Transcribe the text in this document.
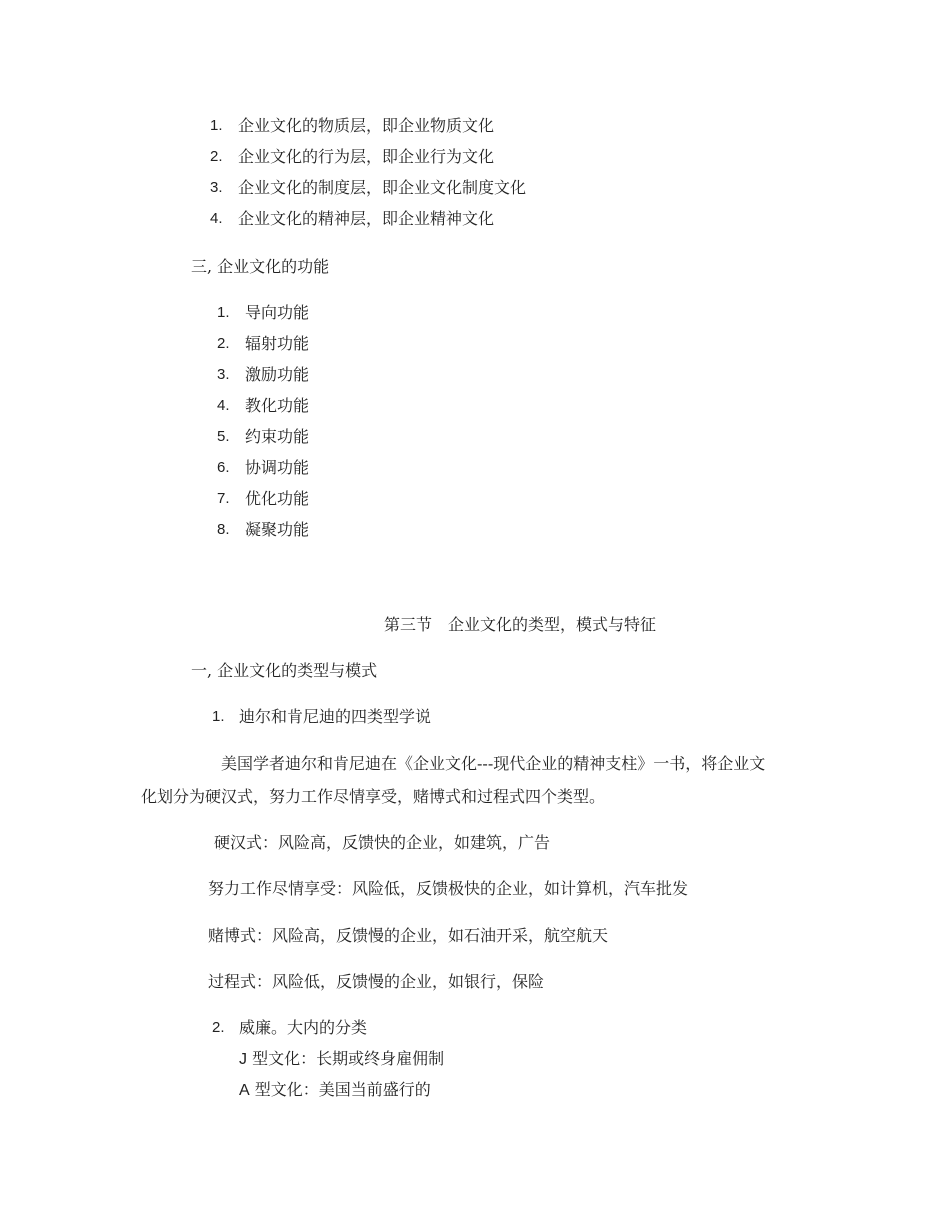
1. 企业文化的物质层，即企业物质文化
2. 企业文化的行为层，即企业行为文化
3. 企业文化的制度层，即企业文化制度文化
4. 企业文化的精神层，即企业精神文化
三, 企业文化的功能
1. 导向功能
2. 辐射功能
3. 激励功能
4. 教化功能
5. 约束功能
6. 协调功能
7. 优化功能
8. 凝聚功能
第三节　企业文化的类型，模式与特征
一, 企业文化的类型与模式
1. 迪尔和肯尼迪的四类型学说
美国学者迪尔和肯尼迪在《企业文化---现代企业的精神支柱》一书，将企业文
化划分为硬汉式，努力工作尽情享受，赌博式和过程式四个类型。
硬汉式：风险高，反馈快的企业，如建筑，广告
努力工作尽情享受：风险低，反馈极快的企业，如计算机，汽车批发
赌博式：风险高，反馈慢的企业，如石油开采，航空航天
过程式：风险低，反馈慢的企业，如银行，保险
2. 威廉。大内的分类
J 型文化：长期或终身雇佣制
A 型文化：美国当前盛行的
